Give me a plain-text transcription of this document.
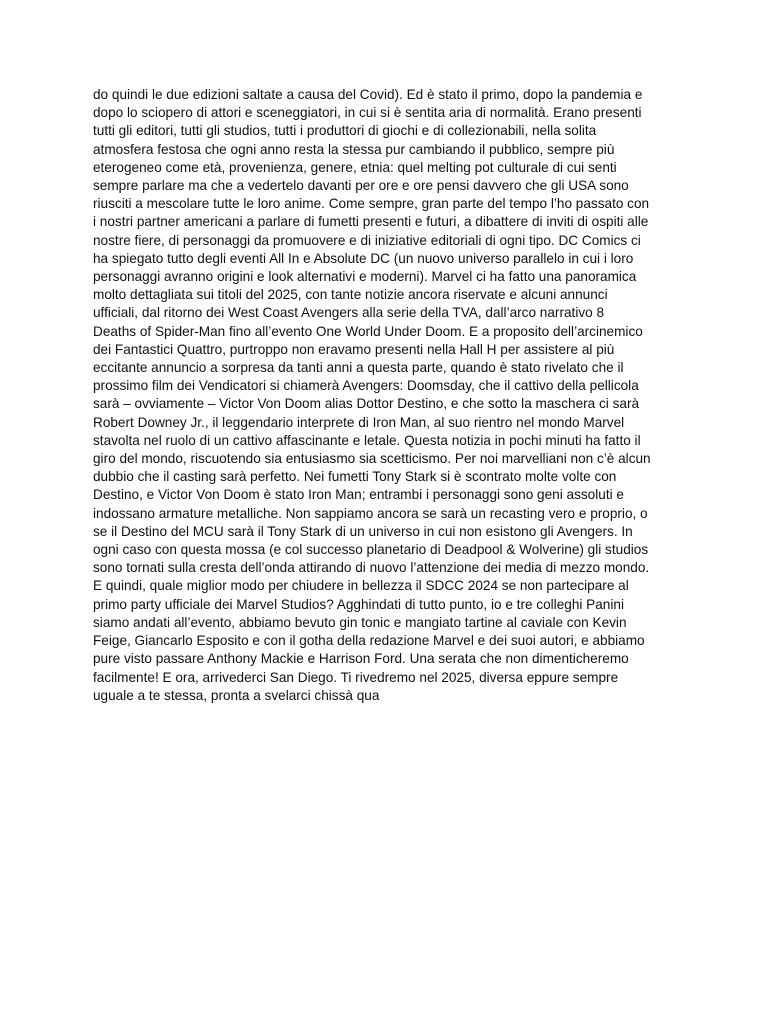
do quindi le due edizioni saltate a causa del Covid). Ed è stato il primo, dopo la pandemia e
dopo lo sciopero di attori e sceneggiatori, in cui si è sentita aria di normalità. Erano presenti
tutti gli editori, tutti gli studios, tutti i produttori di giochi e di collezionabili, nella solita
atmosfera festosa che ogni anno resta la stessa pur cambiando il pubblico, sempre più
eterogeneo come età, provenienza, genere, etnia: quel melting pot culturale di cui senti
sempre parlare ma che a vedertelo davanti per ore e ore pensi davvero che gli USA sono
riusciti a mescolare tutte le loro anime. Come sempre, gran parte del tempo l’ho passato con
i nostri partner americani a parlare di fumetti presenti e futuri, a dibattere di inviti di ospiti alle
nostre fiere, di personaggi da promuovere e di iniziative editoriali di ogni tipo. DC Comics ci
ha spiegato tutto degli eventi All In e Absolute DC (un nuovo universo parallelo in cui i loro
personaggi avranno origini e look alternativi e moderni). Marvel ci ha fatto una panoramica
molto dettagliata sui titoli del 2025, con tante notizie ancora riservate e alcuni annunci
ufficiali, dal ritorno dei West Coast Avengers alla serie della TVA, dall’arco narrativo 8
Deaths of Spider-Man fino all’evento One World Under Doom. E a proposito dell’arcinemico
dei Fantastici Quattro, purtroppo non eravamo presenti nella Hall H per assistere al più
eccitante annuncio a sorpresa da tanti anni a questa parte, quando è stato rivelato che il
prossimo film dei Vendicatori si chiamerà Avengers: Doomsday, che il cattivo della pellicola
sarà – ovviamente – Victor Von Doom alias Dottor Destino, e che sotto la maschera ci sarà
Robert Downey Jr., il leggendario interprete di Iron Man, al suo rientro nel mondo Marvel
stavolta nel ruolo di un cattivo affascinante e letale. Questa notizia in pochi minuti ha fatto il
giro del mondo, riscuotendo sia entusiasmo sia scetticismo. Per noi marvelliani non c’è alcun
dubbio che il casting sarà perfetto. Nei fumetti Tony Stark si è scontrato molte volte con
Destino, e Victor Von Doom è stato Iron Man; entrambi i personaggi sono geni assoluti e
indossano armature metalliche. Non sappiamo ancora se sarà un recasting vero e proprio, o
se il Destino del MCU sarà il Tony Stark di un universo in cui non esistono gli Avengers. In
ogni caso con questa mossa (e col successo planetario di Deadpool & Wolverine) gli studios
sono tornati sulla cresta dell’onda attirando di nuovo l’attenzione dei media di mezzo mondo.
E quindi, quale miglior modo per chiudere in bellezza il SDCC 2024 se non partecipare al
primo party ufficiale dei Marvel Studios? Agghindati di tutto punto, io e tre colleghi Panini
siamo andati all’evento, abbiamo bevuto gin tonic e mangiato tartine al caviale con Kevin
Feige, Giancarlo Esposito e con il gotha della redazione Marvel e dei suoi autori, e abbiamo
pure visto passare Anthony Mackie e Harrison Ford. Una serata che non dimenticheremo
facilmente! E ora, arrivederci San Diego. Ti rivedremo nel 2025, diversa eppure sempre
uguale a te stessa, pronta a svelarci chissà qua
